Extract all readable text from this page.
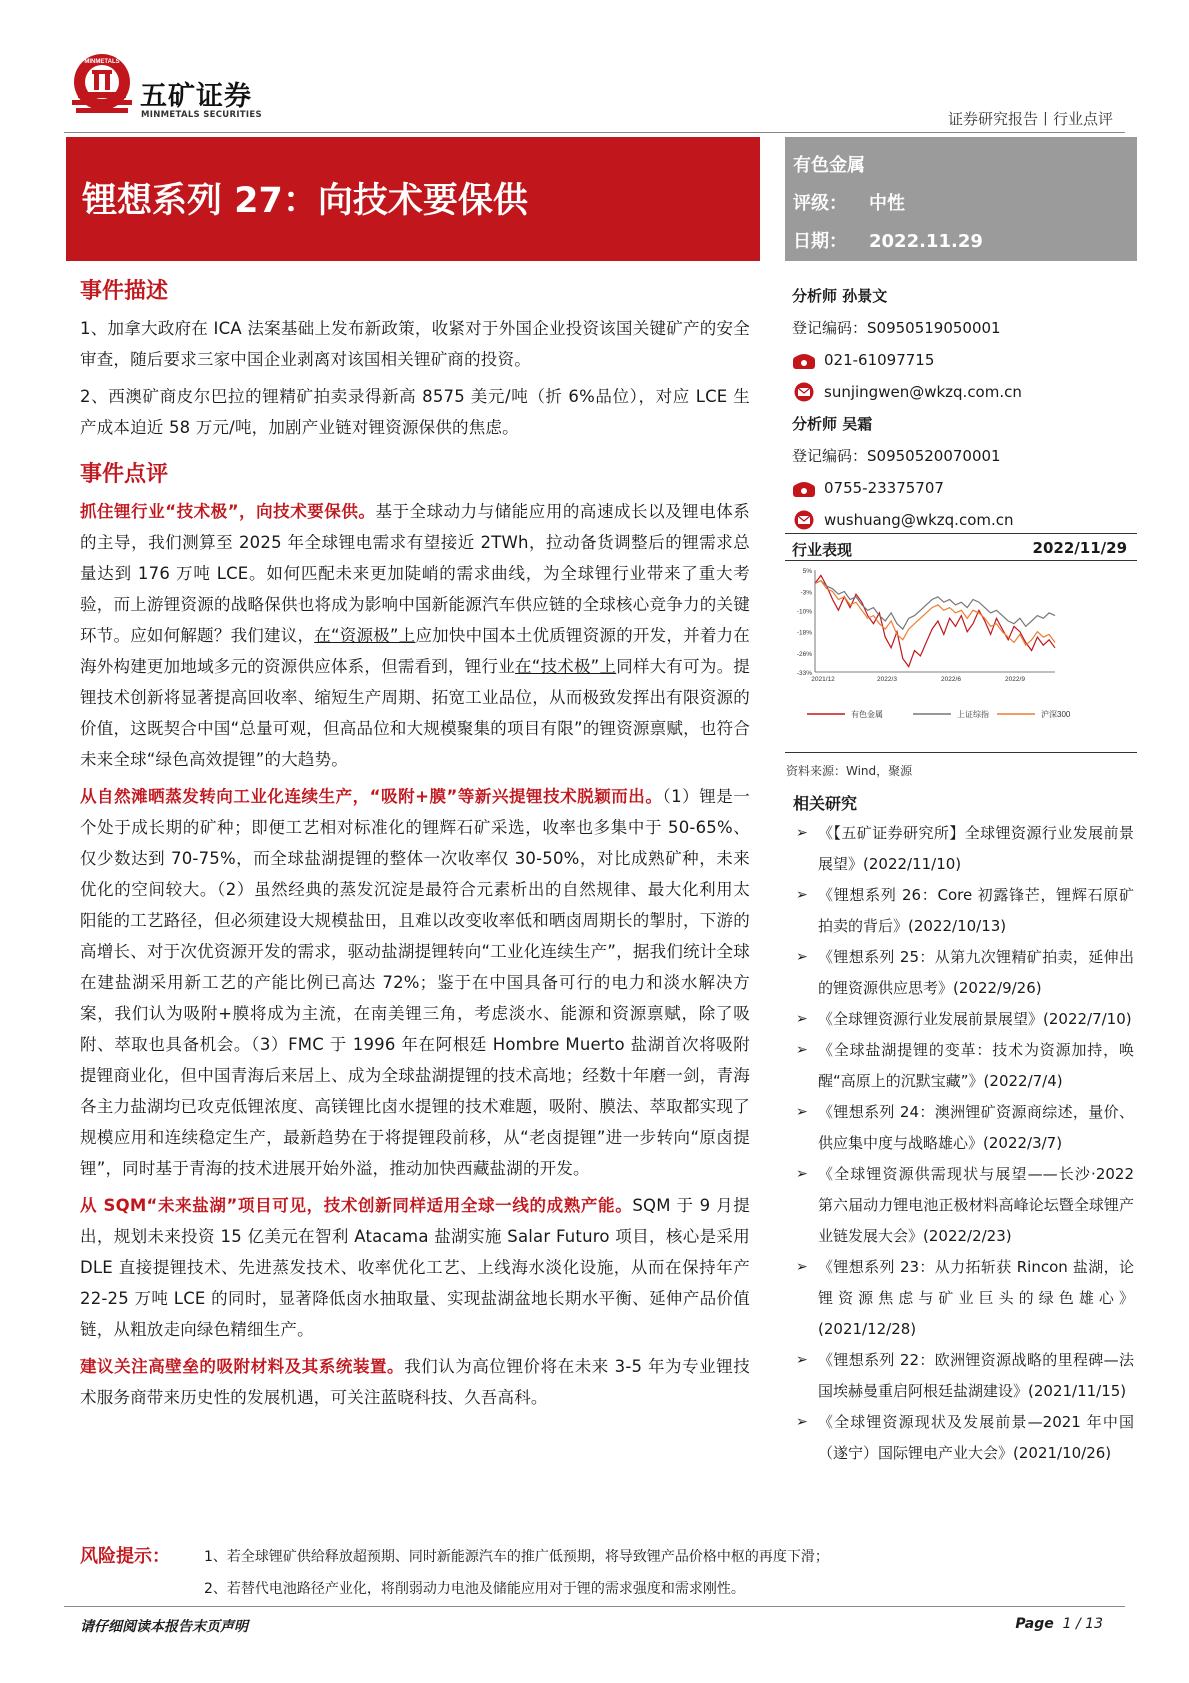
MINMETALS
五矿证券
MINMETALS SECURITIES	证券研究报告丨行业点评
锂想系列 27：向技术要保供
有色金属
评级： 中性
日期： 2022.11.29
事件描述

1、加拿大政府在 ICA 法案基础上发布新政策，收紧对于外国企业投资该国关键矿产的安全审查，随后要求三家中国企业剥离对该国相关锂矿商的投资。

2、西澳矿商皮尔巴拉的锂精矿拍卖录得新高 8575 美元/吨（折 6%品位），对应 LCE 生产成本迫近 58 万元/吨，加剧产业链对锂资源保供的焦虑。

事件点评

抓住锂行业“技术极”，向技术要保供。基于全球动力与储能应用的高速成长以及锂电体系的主导，我们测算至 2025 年全球锂电需求有望接近 2TWh，拉动备货调整后的锂需求总量达到 176 万吨 LCE。如何匹配未来更加陡峭的需求曲线，为全球锂行业带来了重大考验，而上游锂资源的战略保供也将成为影响中国新能源汽车供应链的全球核心竞争力的关键环节。应如何解题？我们建议，在“资源极”上应加快中国本土优质锂资源的开发，并着力在海外构建更加地域多元的资源供应体系，但需看到，锂行业在“技术极”上同样大有可为。提锂技术创新将显著提高回收率、缩短生产周期、拓宽工业品位，从而极致发挥出有限资源的价值，这既契合中国“总量可观，但高品位和大规模聚集的项目有限”的锂资源禀赋，也符合未来全球“绿色高效提锂”的大趋势。

从自然滩晒蒸发转向工业化连续生产，“吸附+膜”等新兴提锂技术脱颖而出。（1）锂是一个处于成长期的矿种；即便工艺相对标准化的锂辉石矿采选，收率也多集中于 50-65%、仅少数达到 70-75%，而全球盐湖提锂的整体一次收率仅 30-50%，对比成熟矿种，未来优化的空间较大。（2）虽然经典的蒸发沉淀是最符合元素析出的自然规律、最大化利用太阳能的工艺路径，但必须建设大规模盐田，且难以改变收率低和晒卤周期长的掣肘，下游的高增长、对于次优资源开发的需求，驱动盐湖提锂转向“工业化连续生产”，据我们统计全球在建盐湖采用新工艺的产能比例已高达 72%；鉴于在中国具备可行的电力和淡水解决方案，我们认为吸附+膜将成为主流，在南美锂三角，考虑淡水、能源和资源禀赋，除了吸附、萃取也具备机会。（3）FMC 于 1996 年在阿根廷 Hombre Muerto 盐湖首次将吸附提锂商业化，但中国青海后来居上、成为全球盐湖提锂的技术高地；经数十年磨一剑，青海各主力盐湖均已攻克低锂浓度、高镁锂比卤水提锂的技术难题，吸附、膜法、萃取都实现了规模应用和连续稳定生产，最新趋势在于将提锂段前移，从“老卤提锂”进一步转向“原卤提锂”，同时基于青海的技术进展开始外溢，推动加快西藏盐湖的开发。

从 SQM“未来盐湖”项目可见，技术创新同样适用全球一线的成熟产能。SQM 于 9 月提出，规划未来投资 15 亿美元在智利 Atacama 盐湖实施 Salar Futuro 项目，核心是采用 DLE 直接提锂技术、先进蒸发技术、收率优化工艺、上线海水淡化设施，从而在保持年产 22-25 万吨 LCE 的同时，显著降低卤水抽取量、实现盐湖盆地长期水平衡、延伸产品价值链，从粗放走向绿色精细生产。

建议关注高壁垒的吸附材料及其系统装置。我们认为高位锂价将在未来 3-5 年为专业锂技术服务商带来历史性的发展机遇，可关注蓝晓科技、久吾高科。

分析师 孙景文
登记编码：S0950519050001
021-61097715
sunjingwen@wkzq.com.cn
分析师 吴霜
登记编码：S0950520070001
0755-23375707
wushuang@wkzq.com.cn
行业表现	2022/11/29
5%
-3%
-10%
-18%
-26%
-33%
2021/12	2022/3	2022/6	2022/9
有色金属	上证综指	沪深300
资料来源：Wind，聚源
相关研究
➢ 《【五矿证券研究所】全球锂资源行业发展前景展望》(2022/11/10)
➢ 《锂想系列 26：Core 初露锋芒，锂辉石原矿拍卖的背后》(2022/10/13)
➢ 《锂想系列 25：从第九次锂精矿拍卖，延伸出的锂资源供应思考》(2022/9/26)
➢ 《全球锂资源行业发展前景展望》(2022/7/10)
➢ 《全球盐湖提锂的变革：技术为资源加持，唤醒“高原上的沉默宝藏”》(2022/7/4)
➢ 《锂想系列 24：澳洲锂矿资源商综述，量价、供应集中度与战略雄心》(2022/3/7)
➢ 《全球锂资源供需现状与展望——长沙·2022 第六届动力锂电池正极材料高峰论坛暨全球锂产业链发展大会》(2022/2/23)
➢ 《锂想系列 23：从力拓斩获 Rincon 盐湖，论锂资源焦虑与矿业巨头的绿色雄心》(2021/12/28)
➢ 《锂想系列 22：欧洲锂资源战略的里程碑—法国埃赫曼重启阿根廷盐湖建设》(2021/11/15)
➢ 《全球锂资源现状及发展前景—2021 年中国（遂宁）国际锂电产业大会》(2021/10/26)
风险提示： 1、若全球锂矿供给释放超预期、同时新能源汽车的推广低预期，将导致锂产品价格中枢的再度下滑；
2、若替代电池路径产业化，将削弱动力电池及储能应用对于锂的需求强度和需求刚性。
请仔细阅读本报告末页声明	Page 1 / 13
